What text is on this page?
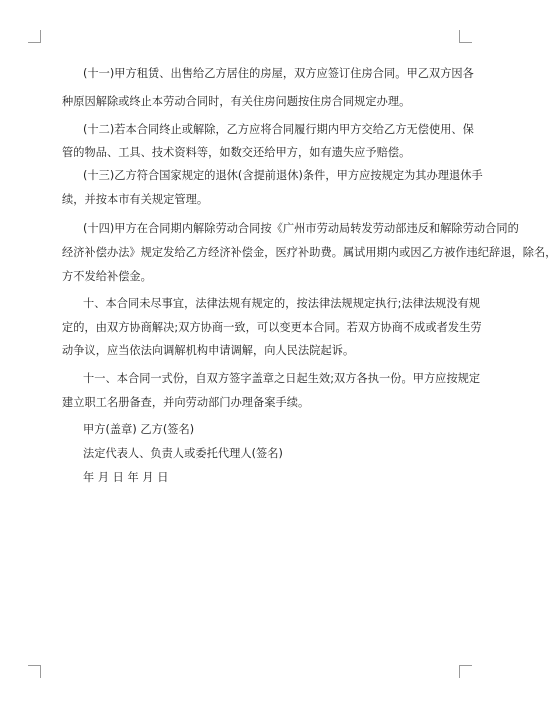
(十一)甲方租赁、出售给乙方居住的房屋，双方应签订住房合同。甲乙双方因各
种原因解除或终止本劳动合同时，有关住房问题按住房合同规定办理。
(十二)若本合同终止或解除，乙方应将合同履行期内甲方交给乙方无偿使用、保
管的物品、工具、技术资料等，如数交还给甲方，如有遗失应予赔偿。
(十三)乙方符合国家规定的退休(含提前退休)条件，甲方应按规定为其办理退休手
续，并按本市有关规定管理。
(十四)甲方在合同期内解除劳动合同按《广州市劳动局转发劳动部违反和解除劳动合同的
经济补偿办法》规定发给乙方经济补偿金，医疗补助费。属试用期内或因乙方被作违纪辞退，除名，
方不发给补偿金。
十、本合同未尽事宜，法律法规有规定的，按法律法规规定执行;法律法规没有规
定的，由双方协商解决;双方协商一致，可以变更本合同。若双方协商不成或者发生劳
动争议，应当依法向调解机构申请调解，向人民法院起诉。
十一、本合同一式份，自双方签字盖章之日起生效;双方各执一份。甲方应按规定
建立职工名册备查，并向劳动部门办理备案手续。
甲方(盖章) 乙方(签名)
法定代表人、负责人或委托代理人(签名)
年 月 日 年 月 日
